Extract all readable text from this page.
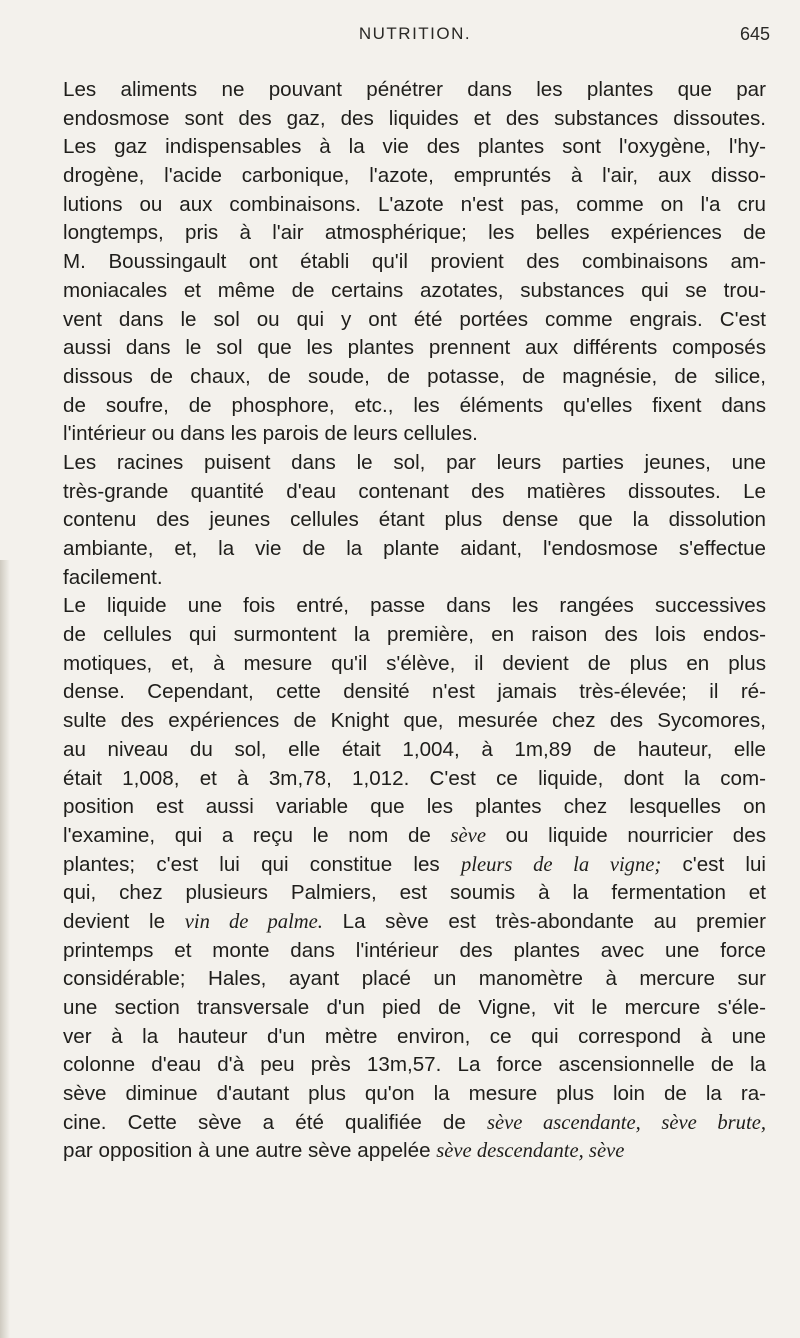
NUTRITION.	645
Les aliments ne pouvant pénétrer dans les plantes que par
endosmose sont des gaz, des liquides et des substances dissoutes.
Les gaz indispensables à la vie des plantes sont l'oxygène, l'hy-
drogène, l'acide carbonique, l'azote, empruntés à l'air, aux disso-
lutions ou aux combinaisons. L'azote n'est pas, comme on l'a cru
longtemps, pris à l'air atmosphérique; les belles expériences de
M. Boussingault ont établi qu'il provient des combinaisons am-
moniacales et même de certains azotates, substances qui se trou-
vent dans le sol ou qui y ont été portées comme engrais. C'est
aussi dans le sol que les plantes prennent aux différents composés
dissous de chaux, de soude, de potasse, de magnésie, de silice,
de soufre, de phosphore, etc., les éléments qu'elles fixent dans
l'intérieur ou dans les parois de leurs cellules.
Les racines puisent dans le sol, par leurs parties jeunes, une
très-grande quantité d'eau contenant des matières dissoutes. Le
contenu des jeunes cellules étant plus dense que la dissolution
ambiante, et, la vie de la plante aidant, l'endosmose s'effectue
facilement.
Le liquide une fois entré, passe dans les rangées successives
de cellules qui surmontent la première, en raison des lois endos-
motiques, et, à mesure qu'il s'élève, il devient de plus en plus
dense. Cependant, cette densité n'est jamais très-élevée; il ré-
sulte des expériences de Knight que, mesurée chez des Sycomores,
au niveau du sol, elle était 1,004, à 1m,89 de hauteur, elle
était 1,008, et à 3m,78, 1,012. C'est ce liquide, dont la com-
position est aussi variable que les plantes chez lesquelles on
l'examine, qui a reçu le nom de sève ou liquide nourricier des
plantes; c'est lui qui constitue les pleurs de la vigne; c'est lui
qui, chez plusieurs Palmiers, est soumis à la fermentation et
devient le vin de palme. La sève est très-abondante au premier
printemps et monte dans l'intérieur des plantes avec une force
considérable; Hales, ayant placé un manomètre à mercure sur
une section transversale d'un pied de Vigne, vit le mercure s'éle-
ver à la hauteur d'un mètre environ, ce qui correspond à une
colonne d'eau d'à peu près 13m,57. La force ascensionnelle de la
sève diminue d'autant plus qu'on la mesure plus loin de la ra-
cine. Cette sève a été qualifiée de sève ascendante, sève brute,
par opposition à une autre sève appelée sève descendante, sève
